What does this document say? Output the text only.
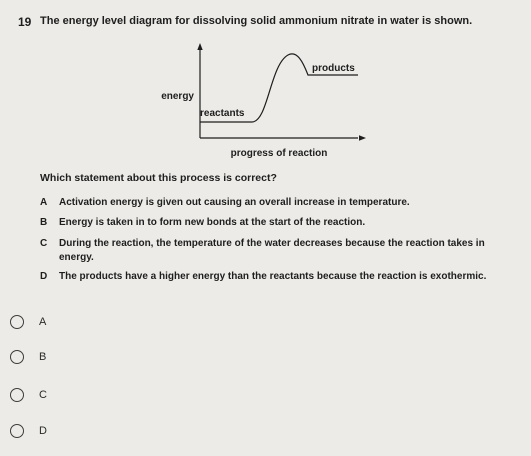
19 The energy level diagram for dissolving solid ammonium nitrate in water is shown.
energy
progress of reaction
reactants
products
Which statement about this process is correct?
A Activation energy is given out causing an overall increase in temperature.
B Energy is taken in to form new bonds at the start of the reaction.
C During the reaction, the temperature of the water decreases because the reaction takes in energy.
D The products have a higher energy than the reactants because the reaction is exothermic.
A
B
C
D
